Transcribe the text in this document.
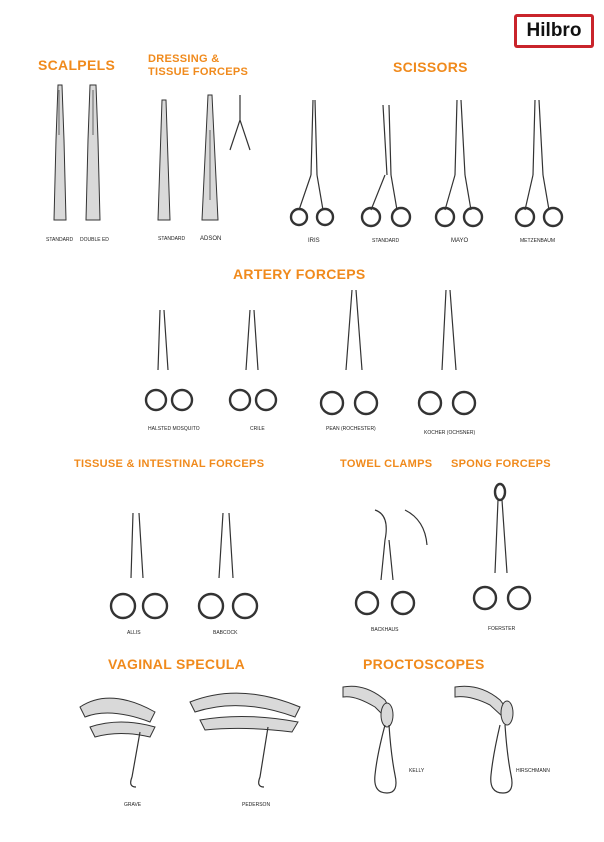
Hilbro
SCALPELS
STANDARD DOUBLE ED
DRESSING &
TISSUE FORCEPS
STANDARD ADSON
SCISSORS
IRIS	STANDARD	MAYO	METZENBAUM
ARTERY FORCEPS
HALSTED MOSQUITO	CRILE	PEAN (ROCHESTER)
KOCHER (OCHSNER)
TISSUSE & INTESTINAL FORCEPS
ALLIS	BABCOCK
TOWEL CLAMPS
BACKHAUS
SPONG FORCEPS
FOERSTER
VAGINAL SPECULA
GRAVE	PEDERSON
PROCTOSCOPES
KELLY	HIRSCHMANN
